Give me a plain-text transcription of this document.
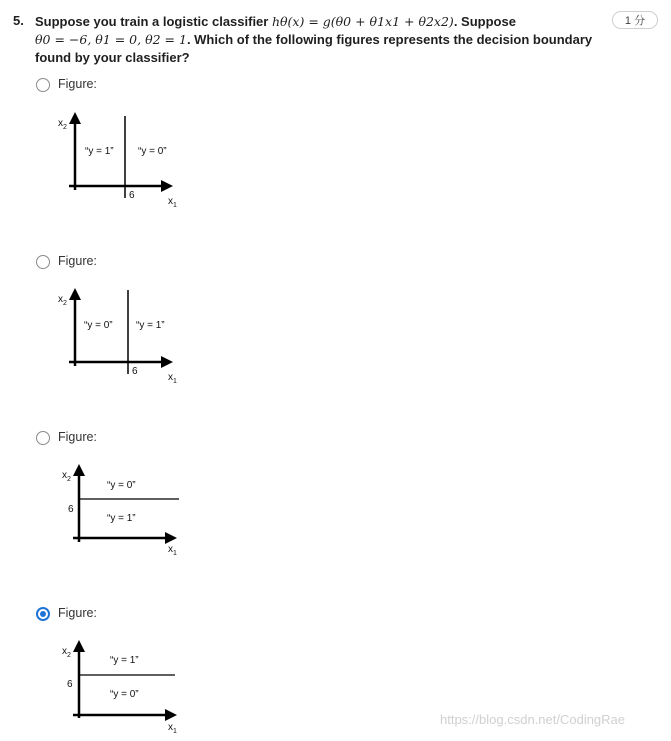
5. Suppose you train a logistic classifier hθ(x) = g(θ0 + θ1x1 + θ2x2). Suppose
θ0 = −6, θ1 = 0, θ2 = 1. Which of the following figures represents the decision boundary found by your classifier?
1 分
Figure:
$x_2$
$x_1$
6
“y = 1” “y = 0”
Figure:
$x_2$
$x_1$
6
“y = 0” “y = 1”
Figure:
$x_2$
$x_1$
6
“y = 0”
“y = 1”
Figure:
$x_2$
$x_1$
6
“y = 1”
“y = 0”
https://blog.csdn.net/CodingRae
